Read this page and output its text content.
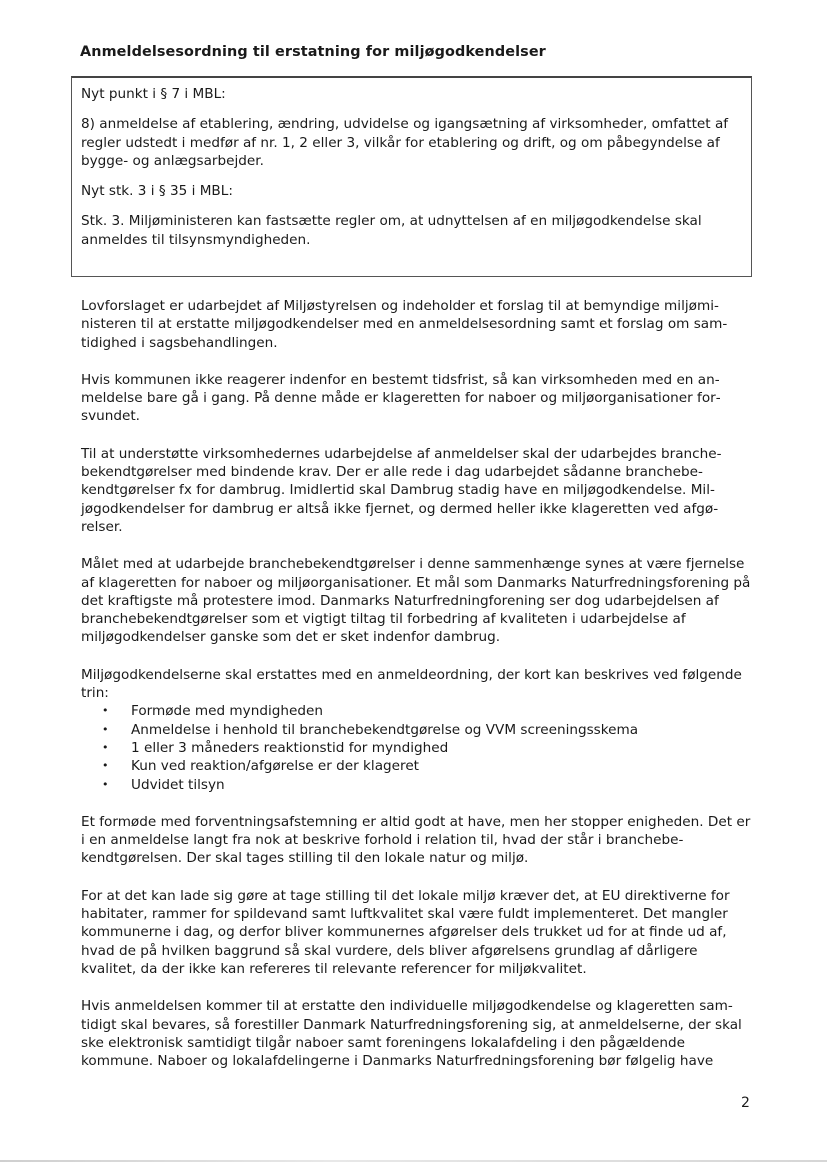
Anmeldelsesordning til erstatning for miljøgodkendelser

Nyt punkt i § 7 i MBL:

8) anmeldelse af etablering, ændring, udvidelse og igangsætning af virksomheder, omfattet af regler udstedt i medfør af nr. 1, 2 eller 3, vilkår for etablering og drift, og om påbegyndelse af bygge- og anlægsarbejder.

Nyt stk. 3 i § 35 i MBL:

Stk. 3. Miljøministeren kan fastsætte regler om, at udnyttelsen af en miljøgodkendelse skal anmeldes til tilsynsmyndigheden.

Lovforslaget er udarbejdet af Miljøstyrelsen og indeholder et forslag til at bemyndige miljøministeren til at erstatte miljøgodkendelser med en anmeldelsesordning samt et forslag om samtidighed i sagsbehandlingen.

Hvis kommunen ikke reagerer indenfor en bestemt tidsfrist, så kan virksomheden med en anmeldelse bare gå i gang. På denne måde er klageretten for naboer og miljøorganisationer forsvundet.

Til at understøtte virksomhedernes udarbejdelse af anmeldelser skal der udarbejdes branchebekendtgørelser med bindende krav. Der er alle rede i dag udarbejdet sådanne branchebekendtgørelser fx for dambrug. Imidlertid skal Dambrug stadig have en miljøgodkendelse. Miljøgodkendelser for dambrug er altså ikke fjernet, og dermed heller ikke klageretten ved afgørelser.

Målet med at udarbejde branchebekendtgørelser i denne sammenhænge synes at være fjernelse af klageretten for naboer og miljøorganisationer. Et mål som Danmarks Naturfredningsforening på det kraftigste må protestere imod. Danmarks Naturfredningforening ser dog udarbejdelsen af branchebekendtgørelser som et vigtigt tiltag til forbedring af kvaliteten i udarbejdelse af miljøgodkendelser ganske som det er sket indenfor dambrug.

Miljøgodkendelserne skal erstattes med en anmeldeordning, der kort kan beskrives ved følgende trin:

• Formøde med myndigheden
• Anmeldelse i henhold til branchebekendtgørelse og VVM screeningsskema
• 1 eller 3 måneders reaktionstid for myndighed
• Kun ved reaktion/afgørelse er der klageret
• Udvidet tilsyn

Et formøde med forventningsafstemning er altid godt at have, men her stopper enigheden. Det er i en anmeldelse langt fra nok at beskrive forhold i relation til, hvad der står i branchebekendtgørelsen. Der skal tages stilling til den lokale natur og miljø.

For at det kan lade sig gøre at tage stilling til det lokale miljø kræver det, at EU direktiverne for habitater, rammer for spildevand samt luftkvalitet skal være fuldt implementeret. Det mangler kommunerne i dag, og derfor bliver kommunernes afgørelser dels trukket ud for at finde ud af, hvad de på hvilken baggrund så skal vurdere, dels bliver afgørelsens grundlag af dårligere kvalitet, da der ikke kan refereres til relevante referencer for miljøkvalitet.

Hvis anmeldelsen kommer til at erstatte den individuelle miljøgodkendelse og klageretten samtidigt skal bevares, så forestiller Danmark Naturfredningsforening sig, at anmeldelserne, der skal ske elektronisk samtidigt tilgår naboer samt foreningens lokalafdeling i den pågældende kommune. Naboer og lokalafdelingerne i Danmarks Naturfredningsforening bør følgelig have

2
